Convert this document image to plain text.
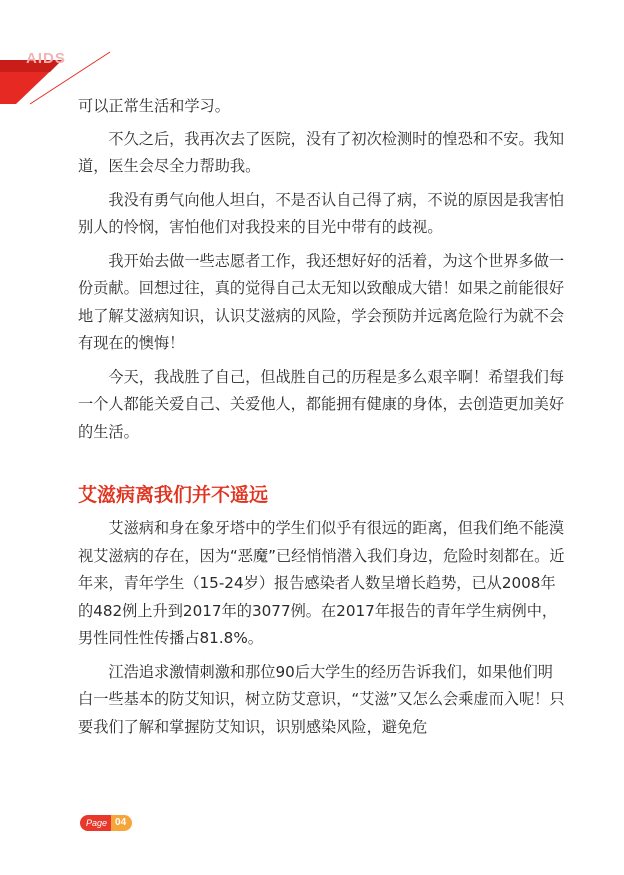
AIDS

可以正常生活和学习。

　　不久之后，我再次去了医院，没有了初次检测时的惶恐和不安。我知道，医生会尽全力帮助我。

　　我没有勇气向他人坦白，不是否认自己得了病，不说的原因是我害怕别人的怜悯，害怕他们对我投来的目光中带有的歧视。

　　我开始去做一些志愿者工作，我还想好好的活着，为这个世界多做一份贡献。回想过往，真的觉得自己太无知以致酿成大错！如果之前能很好地了解艾滋病知识，认识艾滋病的风险，学会预防并远离危险行为就不会有现在的懊悔！

　　今天，我战胜了自己，但战胜自己的历程是多么艰辛啊！希望我们每一个人都能关爱自己、关爱他人，都能拥有健康的身体，去创造更加美好的生活。

艾滋病离我们并不遥远

　　艾滋病和身在象牙塔中的学生们似乎有很远的距离，但我们绝不能漠视艾滋病的存在，因为“恶魔”已经悄悄潜入我们身边，危险时刻都在。近年来，青年学生（15-24岁）报告感染者人数呈增长趋势，已从2008年的482例上升到2017年的3077例。在2017年报告的青年学生病例中，男性同性性传播占81.8%。

　　江浩追求激情刺激和那位90后大学生的经历告诉我们，如果他们明白一些基本的防艾知识，树立防艾意识，“艾滋”又怎么会乘虚而入呢！只要我们了解和掌握防艾知识，识别感染风险，避免危

Page 04
